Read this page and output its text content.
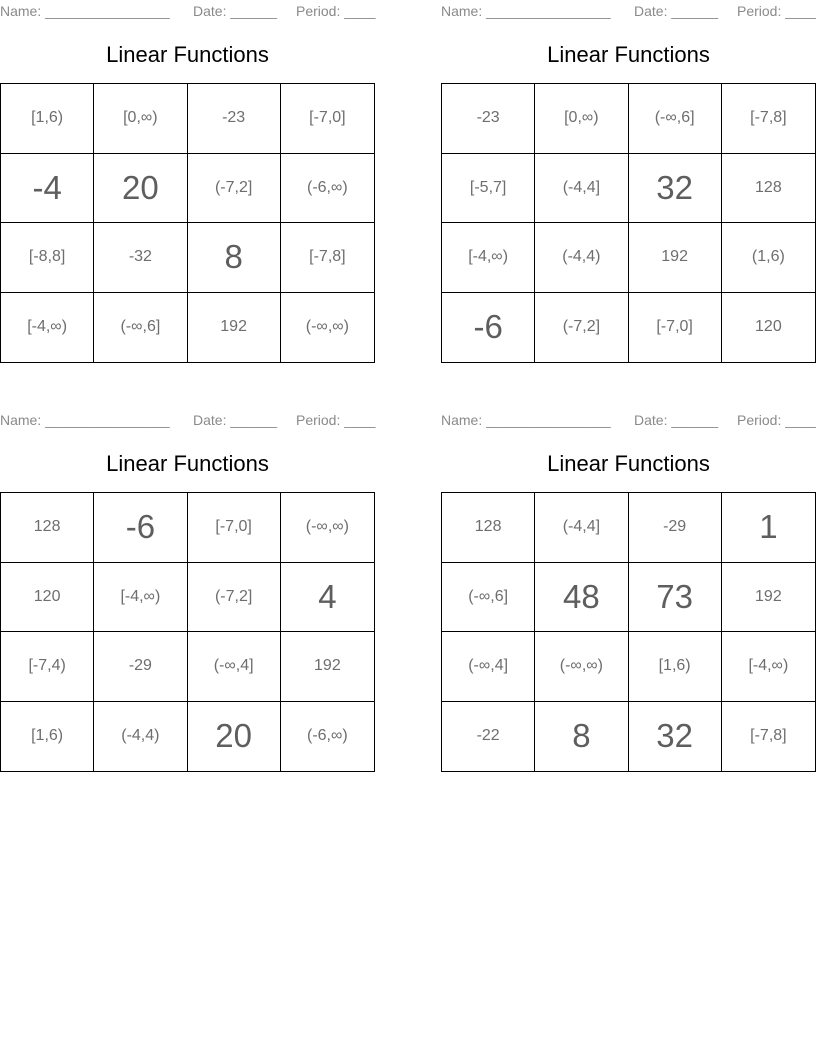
Name: ________________ Date: ______ Period: ____
Linear Functions
[1,6)	[0,∞)	-23	[-7,0]
-4	20	(-7,2]	(-6,∞)
[-8,8]	-32	8	[-7,8]
[-4,∞)	(-∞,6]	192	(-∞,∞)
Name: ________________ Date: ______ Period: ____
Linear Functions
-23	[0,∞)	(-∞,6]	[-7,8]
[-5,7]	(-4,4]	32	128
[-4,∞)	(-4,4)	192	(1,6)
-6	(-7,2]	[-7,0]	120
Name: ________________ Date: ______ Period: ____
Linear Functions
128	-6	[-7,0]	(-∞,∞)
120	[-4,∞)	(-7,2]	4
[-7,4)	-29	(-∞,4]	192
[1,6)	(-4,4)	20	(-6,∞)
Name: ________________ Date: ______ Period: ____
Linear Functions
128	(-4,4]	-29	1
(-∞,6]	48	73	192
(-∞,4]	(-∞,∞)	[1,6)	[-4,∞)
-22	8	32	[-7,8]
